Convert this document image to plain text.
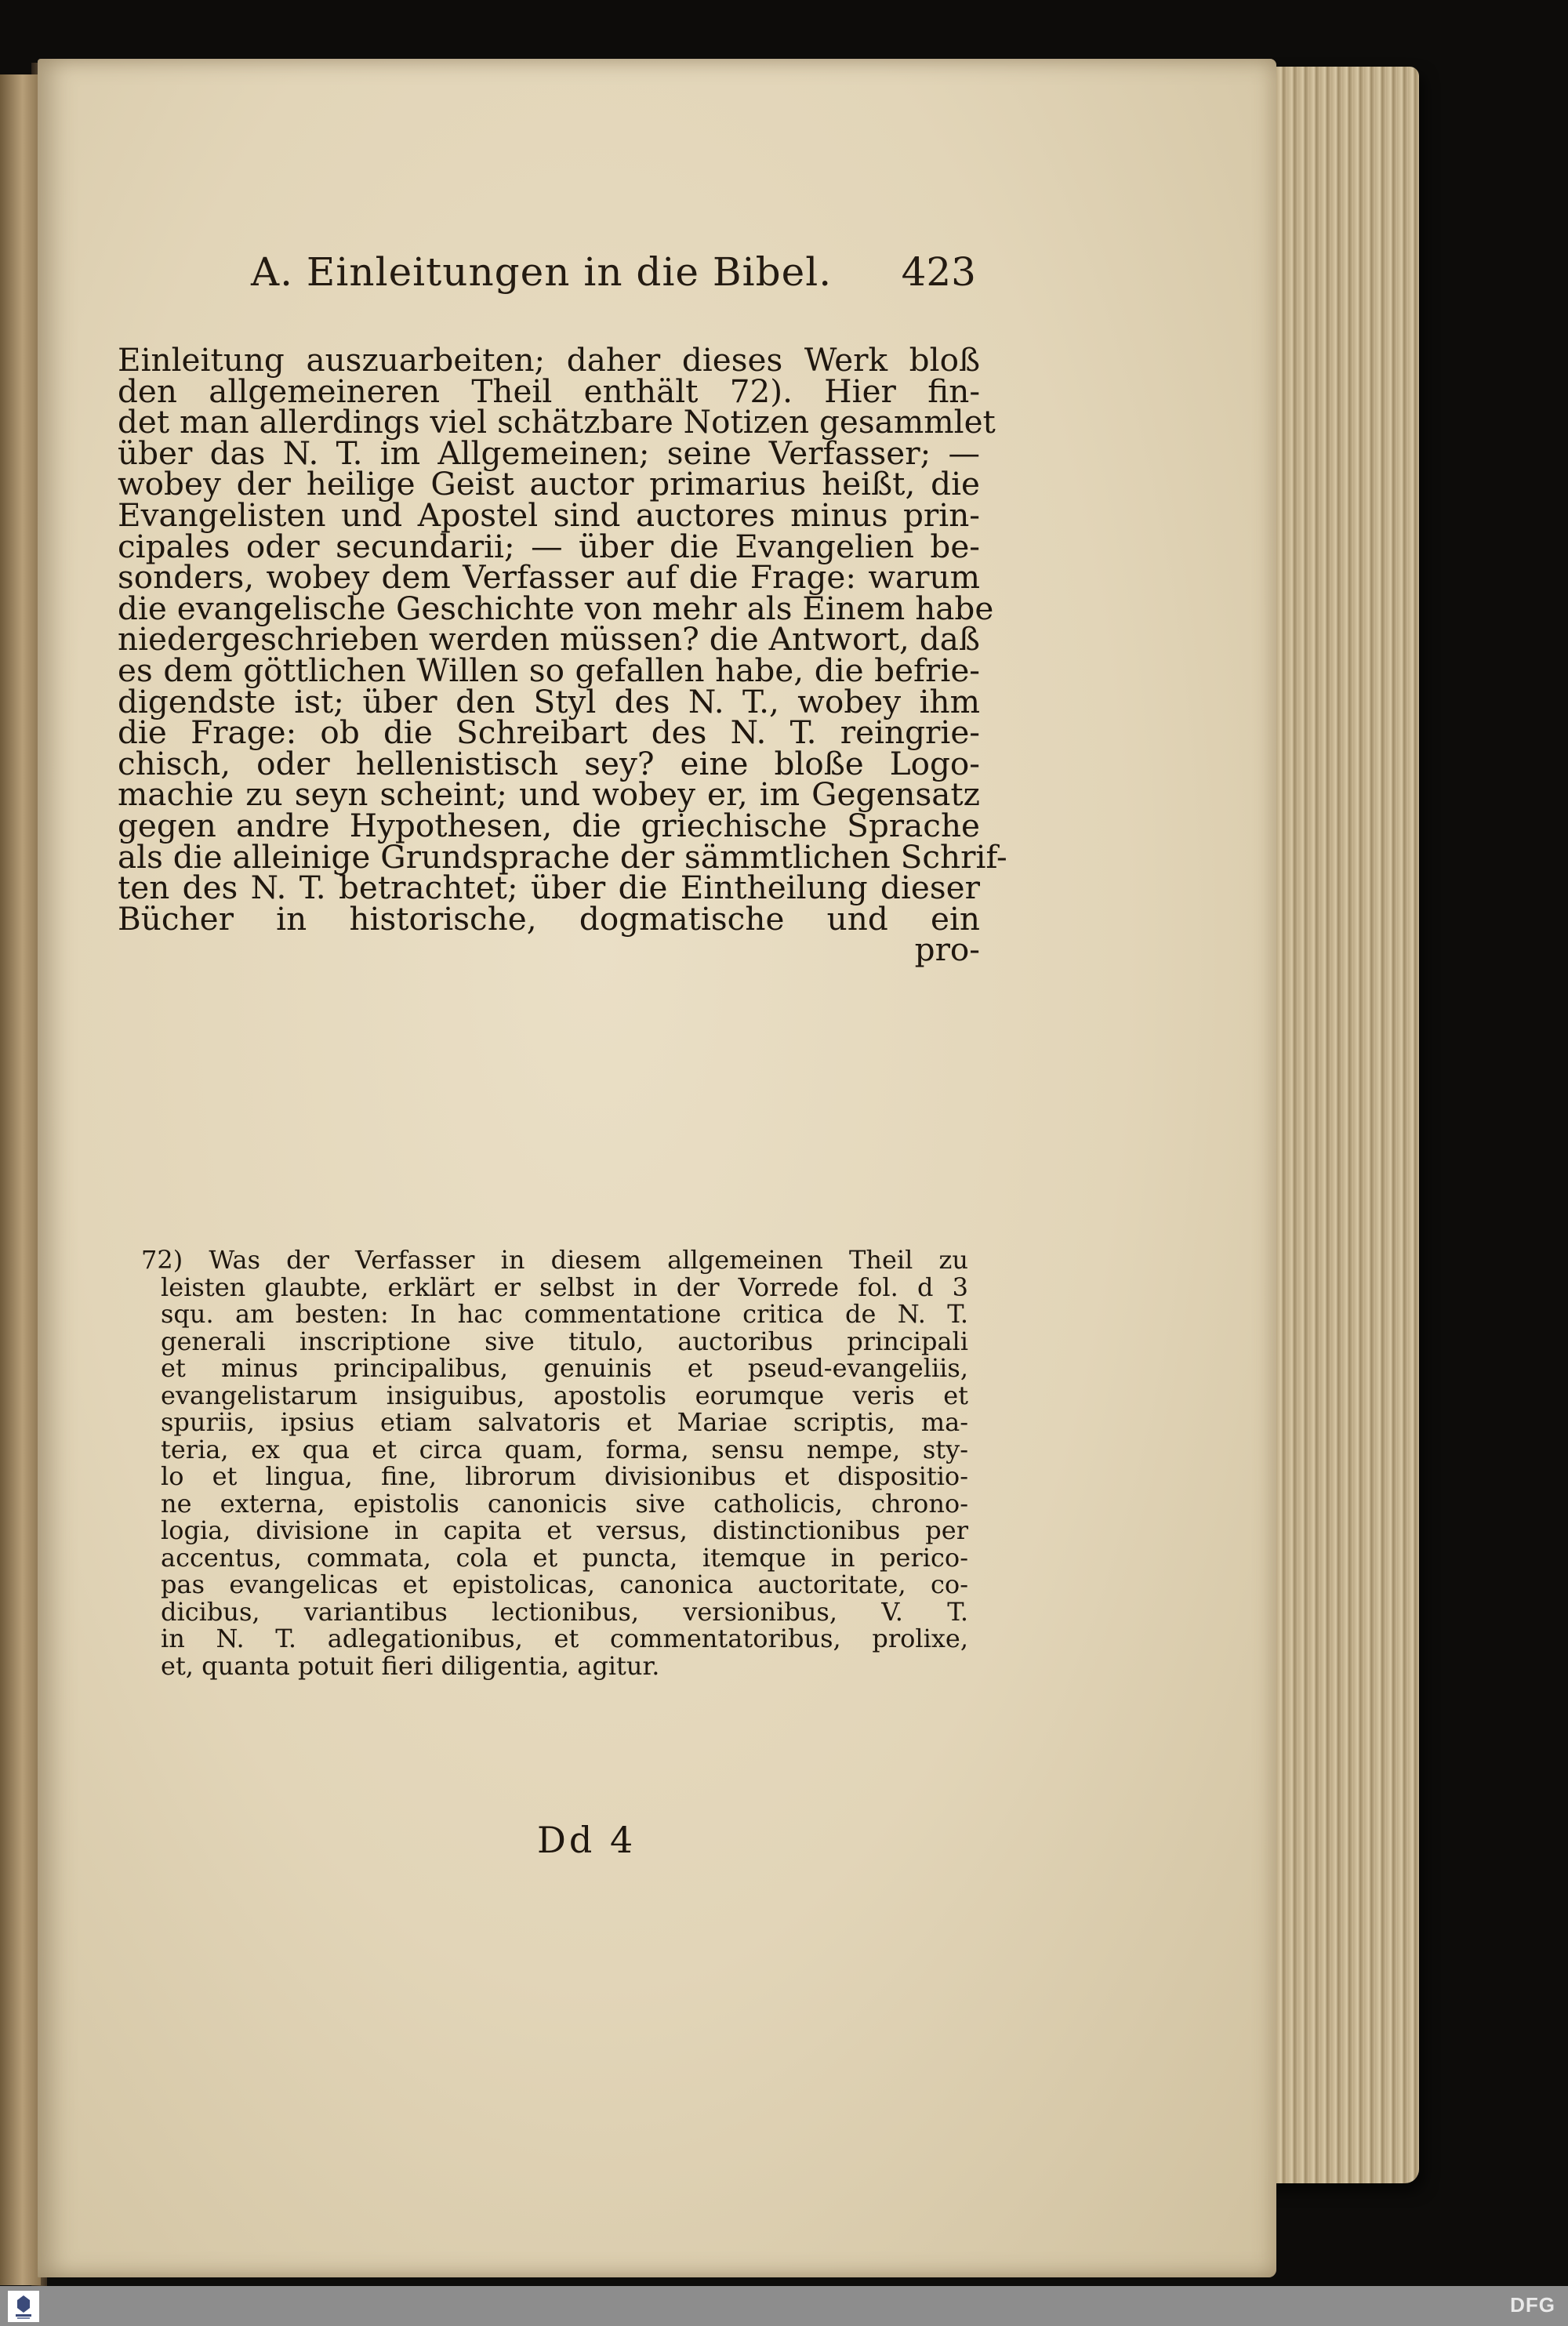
A. Einleitungen in die Bibel. 423
Einleitung auszuarbeiten; daher dieses Werk bloß
den allgemeineren Theil enthält 72). Hier fin-
det man allerdings viel schätzbare Notizen gesammlet
über das N. T. im Allgemeinen; seine Verfasser; —
wobey der heilige Geist auctor primarius heißt, die
Evangelisten und Apostel sind auctores minus prin-
cipales oder secundarii; — über die Evangelien be-
sonders, wobey dem Verfasser auf die Frage: warum
die evangelische Geschichte von mehr als Einem habe
niedergeschrieben werden müssen? die Antwort, daß
es dem göttlichen Willen so gefallen habe, die befrie-
digendste ist; über den Styl des N. T., wobey ihm
die Frage: ob die Schreibart des N. T. reingrie-
chisch, oder hellenistisch sey? eine bloße Logo-
machie zu seyn scheint; und wobey er, im Gegensatz
gegen andre Hypothesen, die griechische Sprache
als die alleinige Grundsprache der sämmtlichen Schrif-
ten des N. T. betrachtet; über die Eintheilung dieser
Bücher in historische, dogmatische und ein
pro-
72) Was der Verfasser in diesem allgemeinen Theil zu
leisten glaubte, erklärt er selbst in der Vorrede fol. d 3
squ. am besten: In hac commentatione critica de N. T.
generali inscriptione sive titulo, auctoribus principali
et minus principalibus, genuinis et pseud-evangeliis,
evangelistarum insiguibus, apostolis eorumque veris et
spuriis, ipsius etiam salvatoris et Mariae scriptis, ma-
teria, ex qua et circa quam, forma, sensu nempe, sty-
lo et lingua, fine, librorum divisionibus et dispositio-
ne externa, epistolis canonicis sive catholicis, chrono-
logia, divisione in capita et versus, distinctionibus per
accentus, commata, cola et puncta, itemque in perico-
pas evangelicas et epistolicas, canonica auctoritate, co-
dicibus, variantibus lectionibus, versionibus, V. T.
in N. T. adlegationibus, et commentatoribus, prolixe,
et, quanta potuit fieri diligentia, agitur.
Dd 4
DFG
